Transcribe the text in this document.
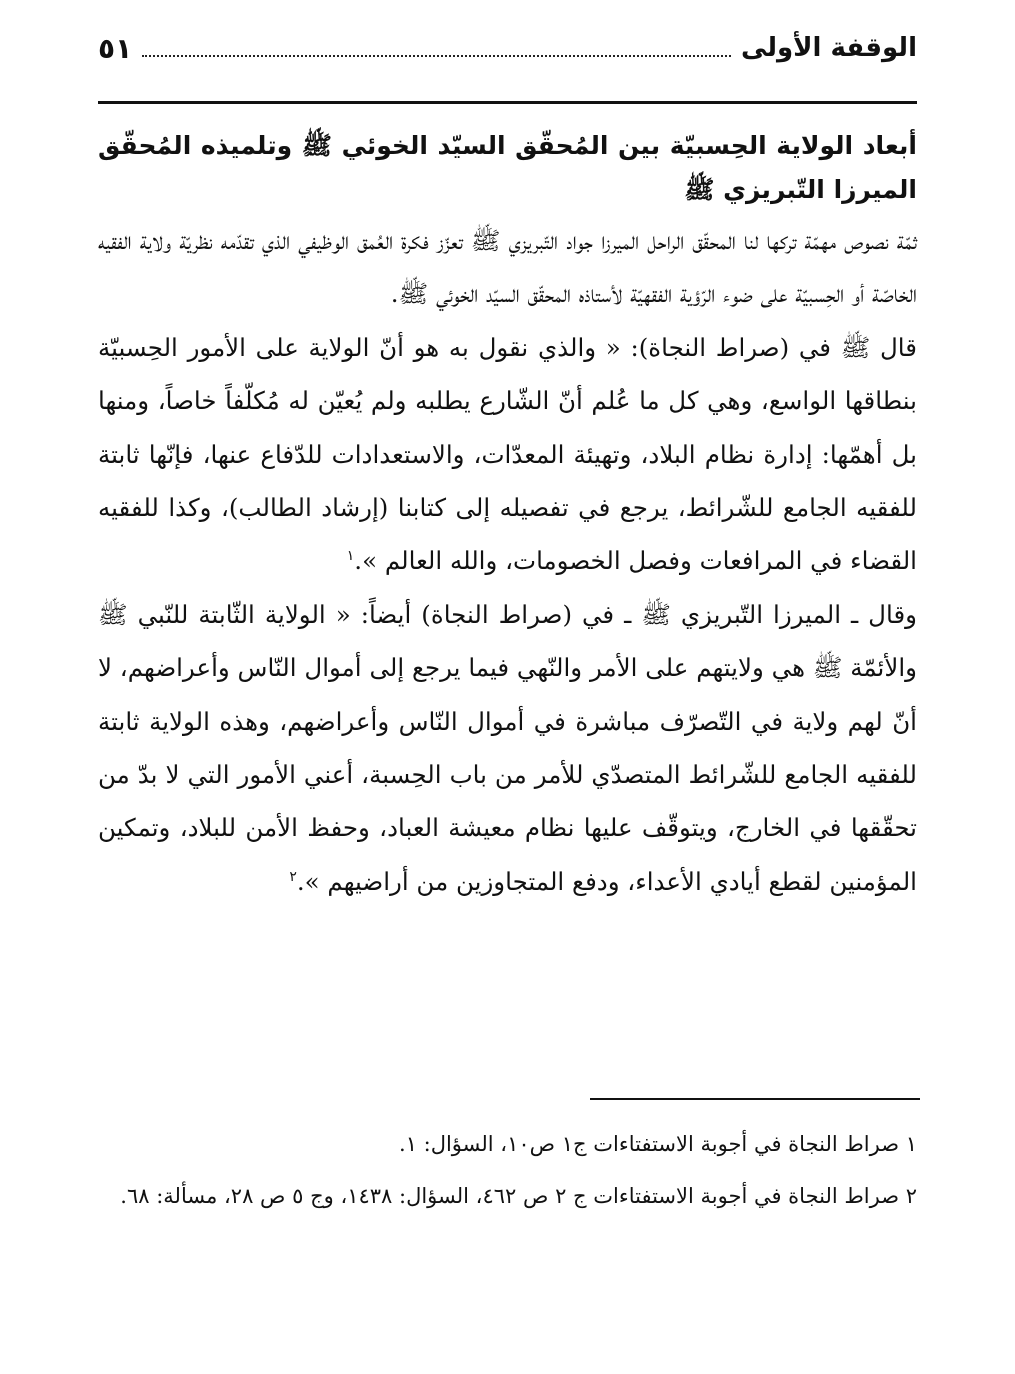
الوقفة الأولى
٥١
أبعاد الولاية الحِسبيّة بين المُحقّق السيّد الخوئي ﷺ وتلميذه المُحقّق الميرزا التّبريزي ﷺ

ثمّة نصوص مهمّة تركها لنا المحقّق الراحل الميرزا جواد التّبريزي ﷺ تعزّز فكرة العُمق الوظيفي الذي تقدّمه نظريّة ولاية الفقيه الخاصّة أو الحِسبيّة على ضوء الرّؤية الفقهيّة لأستاذه المحقّق السيّد الخوئي ﷺ.

قال ﷺ في (صراط النجاة): « والذي نقول به هو أنّ الولاية على الأمور الحِسبيّة بنطاقها الواسع، وهي كل ما عُلم أنّ الشّارع يطلبه ولم يُعيّن له مُكلّفاً خاصاً، ومنها بل أهمّها: إدارة نظام البلاد، وتهيئة المعدّات، والاستعدادات للدّفاع عنها، فإنّها ثابتة للفقيه الجامع للشّرائط، يرجع في تفصيله إلى كتابنا (إرشاد الطالب)، وكذا للفقيه القضاء في المرافعات وفصل الخصومات، والله العالم ».$^١$

وقال ـ الميرزا التّبريزي ﷺ ـ في (صراط النجاة) أيضاً: « الولاية الثّابتة للنّبي ﷺ والأئمّة ﷺ هي ولايتهم على الأمر والنّهي فيما يرجع إلى أموال النّاس وأعراضهم، لا أنّ لهم ولاية في التّصرّف مباشرة في أموال النّاس وأعراضهم، وهذه الولاية ثابتة للفقيه الجامع للشّرائط المتصدّي للأمر من باب الحِسبة، أعني الأمور التي لا بدّ من تحقّقها في الخارج، ويتوقّف عليها نظام معيشة العباد، وحفظ الأمن للبلاد، وتمكين المؤمنين لقطع أيادي الأعداء، ودفع المتجاوزين من أراضيهم ».$^٢$

١ صراط النجاة في أجوبة الاستفتاءات ج١ ص١٠، السؤال: ١.

٢ صراط النجاة في أجوبة الاستفتاءات ج ٢ ص ٤٦٢، السؤال: ١٤٣٨، وج ٥ ص ٢٨، مسألة: ٦٨.
